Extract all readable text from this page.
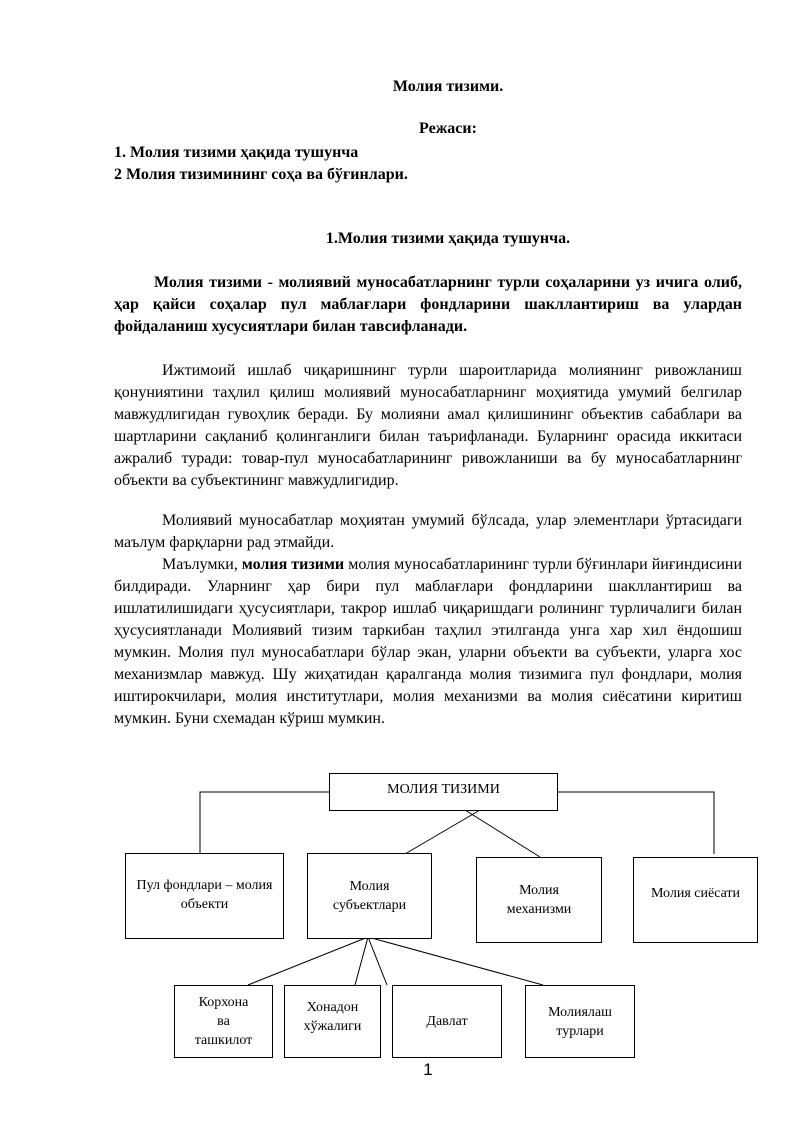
Молия тизими.
Режаси:
1. Молия тизими ҳақида тушунча
2 Молия тизимининг соҳа ва бўғинлари.
1.Молия тизими ҳақида тушунча.
Молия тизими - молиявий муносабатларнинг турли соҳаларини уз ичига олиб, ҳар қайси соҳалар пул маблағлари фондларини шакллантириш ва улардан фойдаланиш хусусиятлари билан тавсифланади.
Ижтимоий ишлаб чиқаришнинг турли шароитларида молиянинг ривожланиш қонуниятини таҳлил қилиш молиявий муносабатларнинг моҳиятида умумий белгилар мавжудлигидан гувоҳлик беради. Бу молияни амал қилишининг объектив сабаблари ва шартларини сақланиб қолинганлиги билан таърифланади. Буларнинг орасида иккитаси ажралиб туради: товар-пул муносабатларининг ривожланиши ва бу муносабатларнинг объекти ва субъектининг мавжудлигидир.
Молиявий муносабатлар моҳиятан умумий бўлсада, улар элементлари ўртасидаги маълум фарқларни рад этмайди.
Маълумки, молия тизими молия муносабатларининг турли бўғинлари йиғиндисини билдиради. Уларнинг ҳар бири пул маблағлари фондларини шакллантириш ва ишлатилишидаги ҳусусиятлари, такрор ишлаб чиқаришдаги ролининг турличалиги билан ҳусусиятланади Молиявий тизим таркибан таҳлил этилганда унга хар хил ёндошиш мумкин. Молия пул муносабатлари бўлар экан, уларни объекти ва субъекти, уларга хос механизмлар мавжуд. Шу жиҳатидан қаралганда молия тизимига пул фондлари, молия иштирокчилари, молия институтлари, молия механизми ва молия сиёсатини киритиш мумкин. Буни схемадан кўриш мумкин.
МОЛИЯ ТИЗИМИ
Пул фондлари – молия объекти
Молия субъектлари
Молия механизми
Молия сиёсати
Корхона ва ташкилот
Хонадон хўжалиги	Давлат
Молиялаш турлари
1
